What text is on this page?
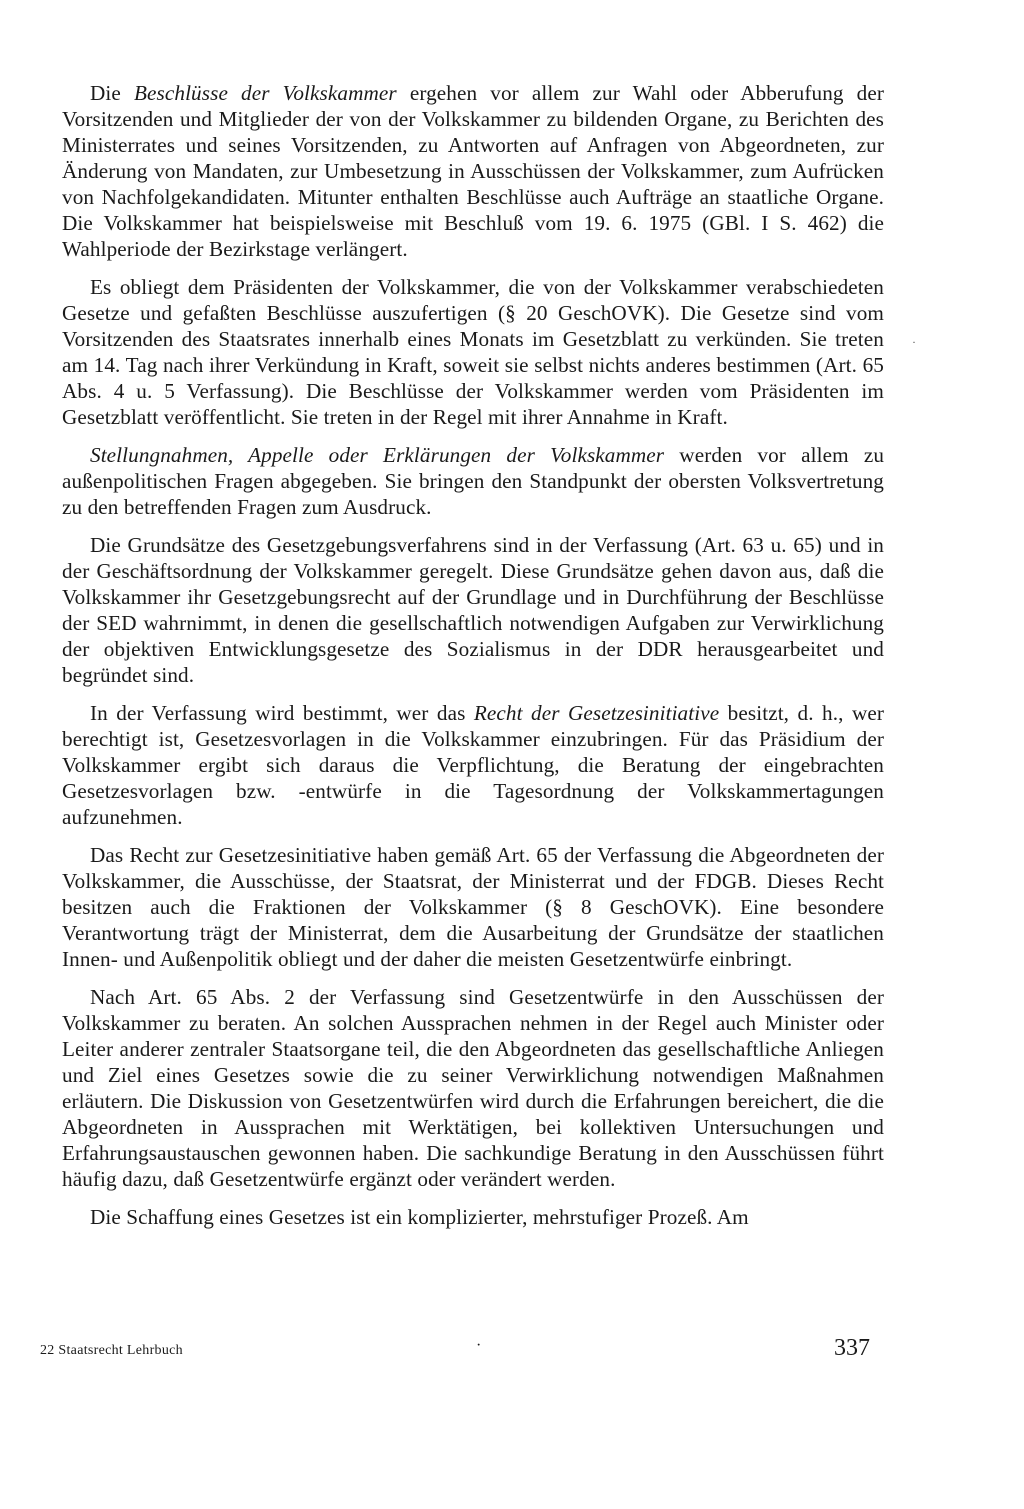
Die Beschlüsse der Volkskammer ergehen vor allem zur Wahl oder Abberufung der Vorsitzenden und Mitglieder der von der Volkskammer zu bildenden Organe, zu Berichten des Ministerrates und seines Vorsitzenden, zu Antworten auf Anfragen von Abgeordneten, zur Änderung von Mandaten, zur Umbesetzung in Ausschüssen der Volkskammer, zum Aufrücken von Nachfolgekandidaten. Mitunter enthalten Beschlüsse auch Aufträge an staatliche Organe. Die Volkskammer hat beispielsweise mit Beschluß vom 19. 6. 1975 (GBl. I S. 462) die Wahlperiode der Bezirkstage verlängert.

Es obliegt dem Präsidenten der Volkskammer, die von der Volkskammer verabschiedeten Gesetze und gefaßten Beschlüsse auszufertigen (§ 20 GeschOVK). Die Gesetze sind vom Vorsitzenden des Staatsrates innerhalb eines Monats im Gesetzblatt zu verkünden. Sie treten am 14. Tag nach ihrer Verkündung in Kraft, soweit sie selbst nichts anderes bestimmen (Art. 65 Abs. 4 u. 5 Verfassung). Die Beschlüsse der Volkskammer werden vom Präsidenten im Gesetzblatt veröffentlicht. Sie treten in der Regel mit ihrer Annahme in Kraft.

Stellungnahmen, Appelle oder Erklärungen der Volkskammer werden vor allem zu außenpolitischen Fragen abgegeben. Sie bringen den Standpunkt der obersten Volksvertretung zu den betreffenden Fragen zum Ausdruck.

Die Grundsätze des Gesetzgebungsverfahrens sind in der Verfassung (Art. 63 u. 65) und in der Geschäftsordnung der Volkskammer geregelt. Diese Grundsätze gehen davon aus, daß die Volkskammer ihr Gesetzgebungsrecht auf der Grundlage und in Durchführung der Beschlüsse der SED wahrnimmt, in denen die gesellschaftlich notwendigen Aufgaben zur Verwirklichung der objektiven Entwicklungsgesetze des Sozialismus in der DDR herausgearbeitet und begründet sind.

In der Verfassung wird bestimmt, wer das Recht der Gesetzesinitiative besitzt, d. h., wer berechtigt ist, Gesetzesvorlagen in die Volkskammer einzubringen. Für das Präsidium der Volkskammer ergibt sich daraus die Verpflichtung, die Beratung der eingebrachten Gesetzesvorlagen bzw. -entwürfe in die Tagesordnung der Volkskammertagungen aufzunehmen.

Das Recht zur Gesetzesinitiative haben gemäß Art. 65 der Verfassung die Abgeordneten der Volkskammer, die Ausschüsse, der Staatsrat, der Ministerrat und der FDGB. Dieses Recht besitzen auch die Fraktionen der Volkskammer (§ 8 GeschOVK). Eine besondere Verantwortung trägt der Ministerrat, dem die Ausarbeitung der Grundsätze der staatlichen Innen- und Außenpolitik obliegt und der daher die meisten Gesetzentwürfe einbringt.

Nach Art. 65 Abs. 2 der Verfassung sind Gesetzentwürfe in den Ausschüssen der Volkskammer zu beraten. An solchen Aussprachen nehmen in der Regel auch Minister oder Leiter anderer zentraler Staatsorgane teil, die den Abgeordneten das gesellschaftliche Anliegen und Ziel eines Gesetzes sowie die zu seiner Verwirklichung notwendigen Maßnahmen erläutern. Die Diskussion von Gesetzentwürfen wird durch die Erfahrungen bereichert, die die Abgeordneten in Aussprachen mit Werktätigen, bei kollektiven Untersuchungen und Erfahrungsaustauschen gewonnen haben. Die sachkundige Beratung in den Ausschüssen führt häufig dazu, daß Gesetzentwürfe ergänzt oder verändert werden.

Die Schaffung eines Gesetzes ist ein komplizierter, mehrstufiger Prozeß. Am

·
22 Staatsrecht Lehrbuch	·	337
